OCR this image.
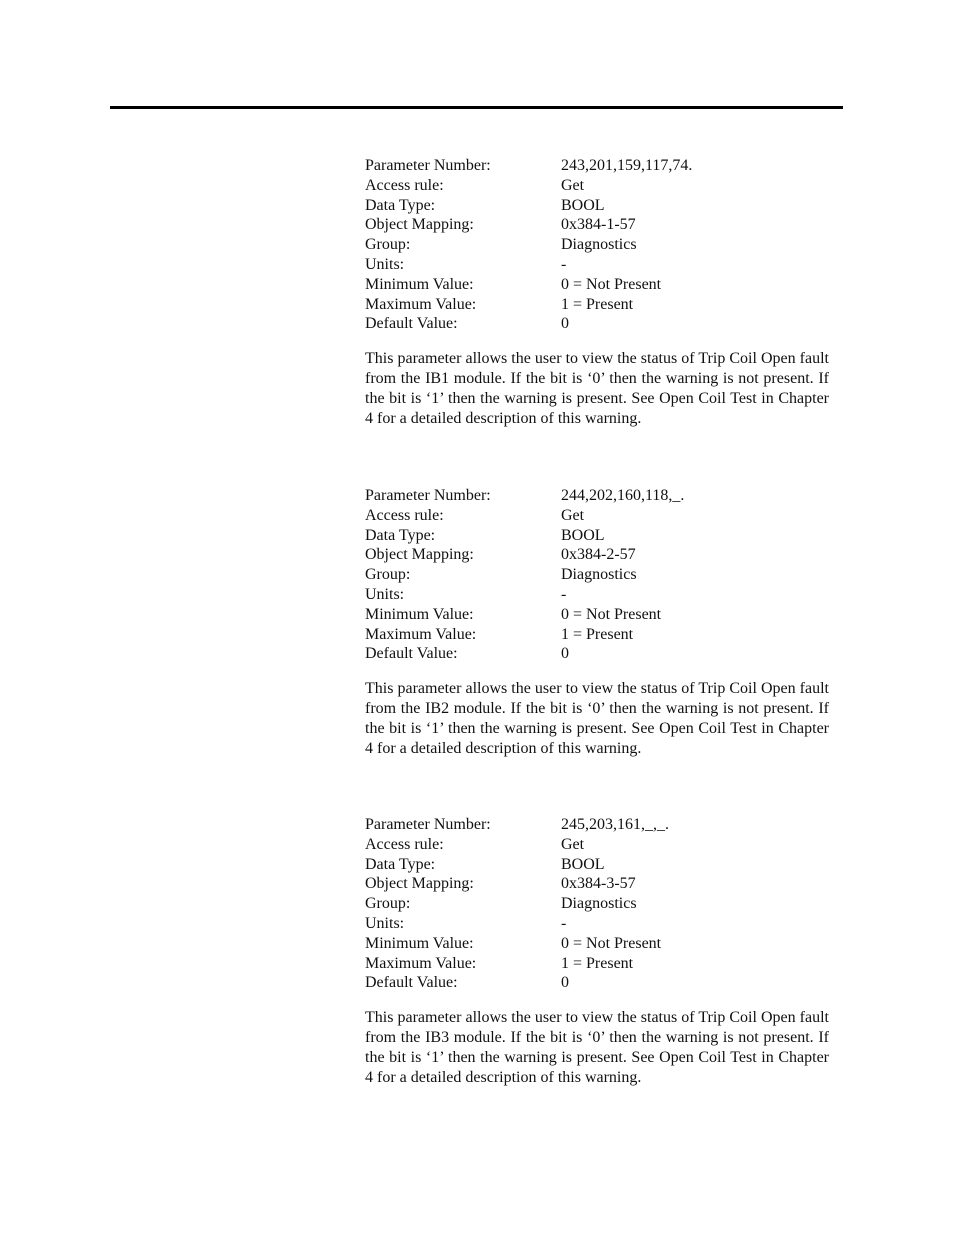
Parameter Number:	243,201,159,117,74.
Access rule:	Get
Data Type:	BOOL
Object Mapping:	0x384-1-57
Group:	Diagnostics
Units:	-
Minimum Value:	0 = Not Present
Maximum Value:	1 = Present
Default Value:	0

This parameter allows the user to view the status of Trip Coil Open fault from the IB1 module. If the bit is ‘0’ then the warning is not present. If the bit is ‘1’ then the warning is present. See Open Coil Test in Chapter 4 for a detailed description of this warning.

Parameter Number:	244,202,160,118,_.
Access rule:	Get
Data Type:	BOOL
Object Mapping:	0x384-2-57
Group:	Diagnostics
Units:	-
Minimum Value:	0 = Not Present
Maximum Value:	1 = Present
Default Value:	0

This parameter allows the user to view the status of Trip Coil Open fault from the IB2 module. If the bit is ‘0’ then the warning is not present. If the bit is ‘1’ then the warning is present. See Open Coil Test in Chapter 4 for a detailed description of this warning.

Parameter Number:	245,203,161,_,_.
Access rule:	Get
Data Type:	BOOL
Object Mapping:	0x384-3-57
Group:	Diagnostics
Units:	-
Minimum Value:	0 = Not Present
Maximum Value:	1 = Present
Default Value:	0

This parameter allows the user to view the status of Trip Coil Open fault from the IB3 module. If the bit is ‘0’ then the warning is not present. If the bit is ‘1’ then the warning is present. See Open Coil Test in Chapter 4 for a detailed description of this warning.
